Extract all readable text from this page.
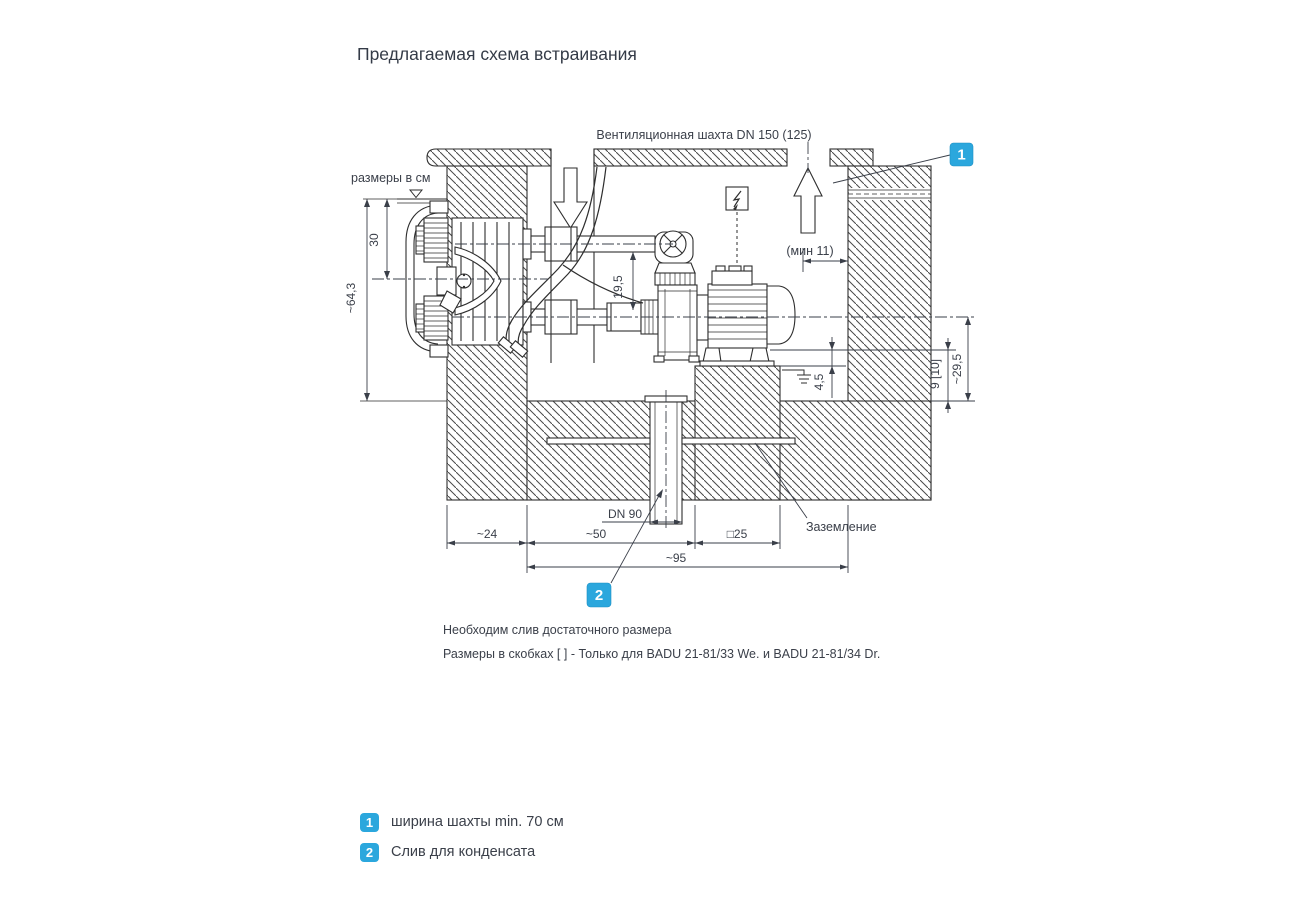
Предлагаемая схема встраивания
Вентиляционная шахта DN 150 (125)
размеры в см
~64,3
30
19,5
(мин 11)
4,5	9 [10] ~29,5
~24	~50	□25
~95
DN 90
Заземление
1
2
Необходим слив достаточного размера
Размеры в скобках [ ] - Только для BADU 21-81/33 We. и BADU 21-81/34 Dr.
1	ширина шахты min. 70 см
2	Слив для конденсата
